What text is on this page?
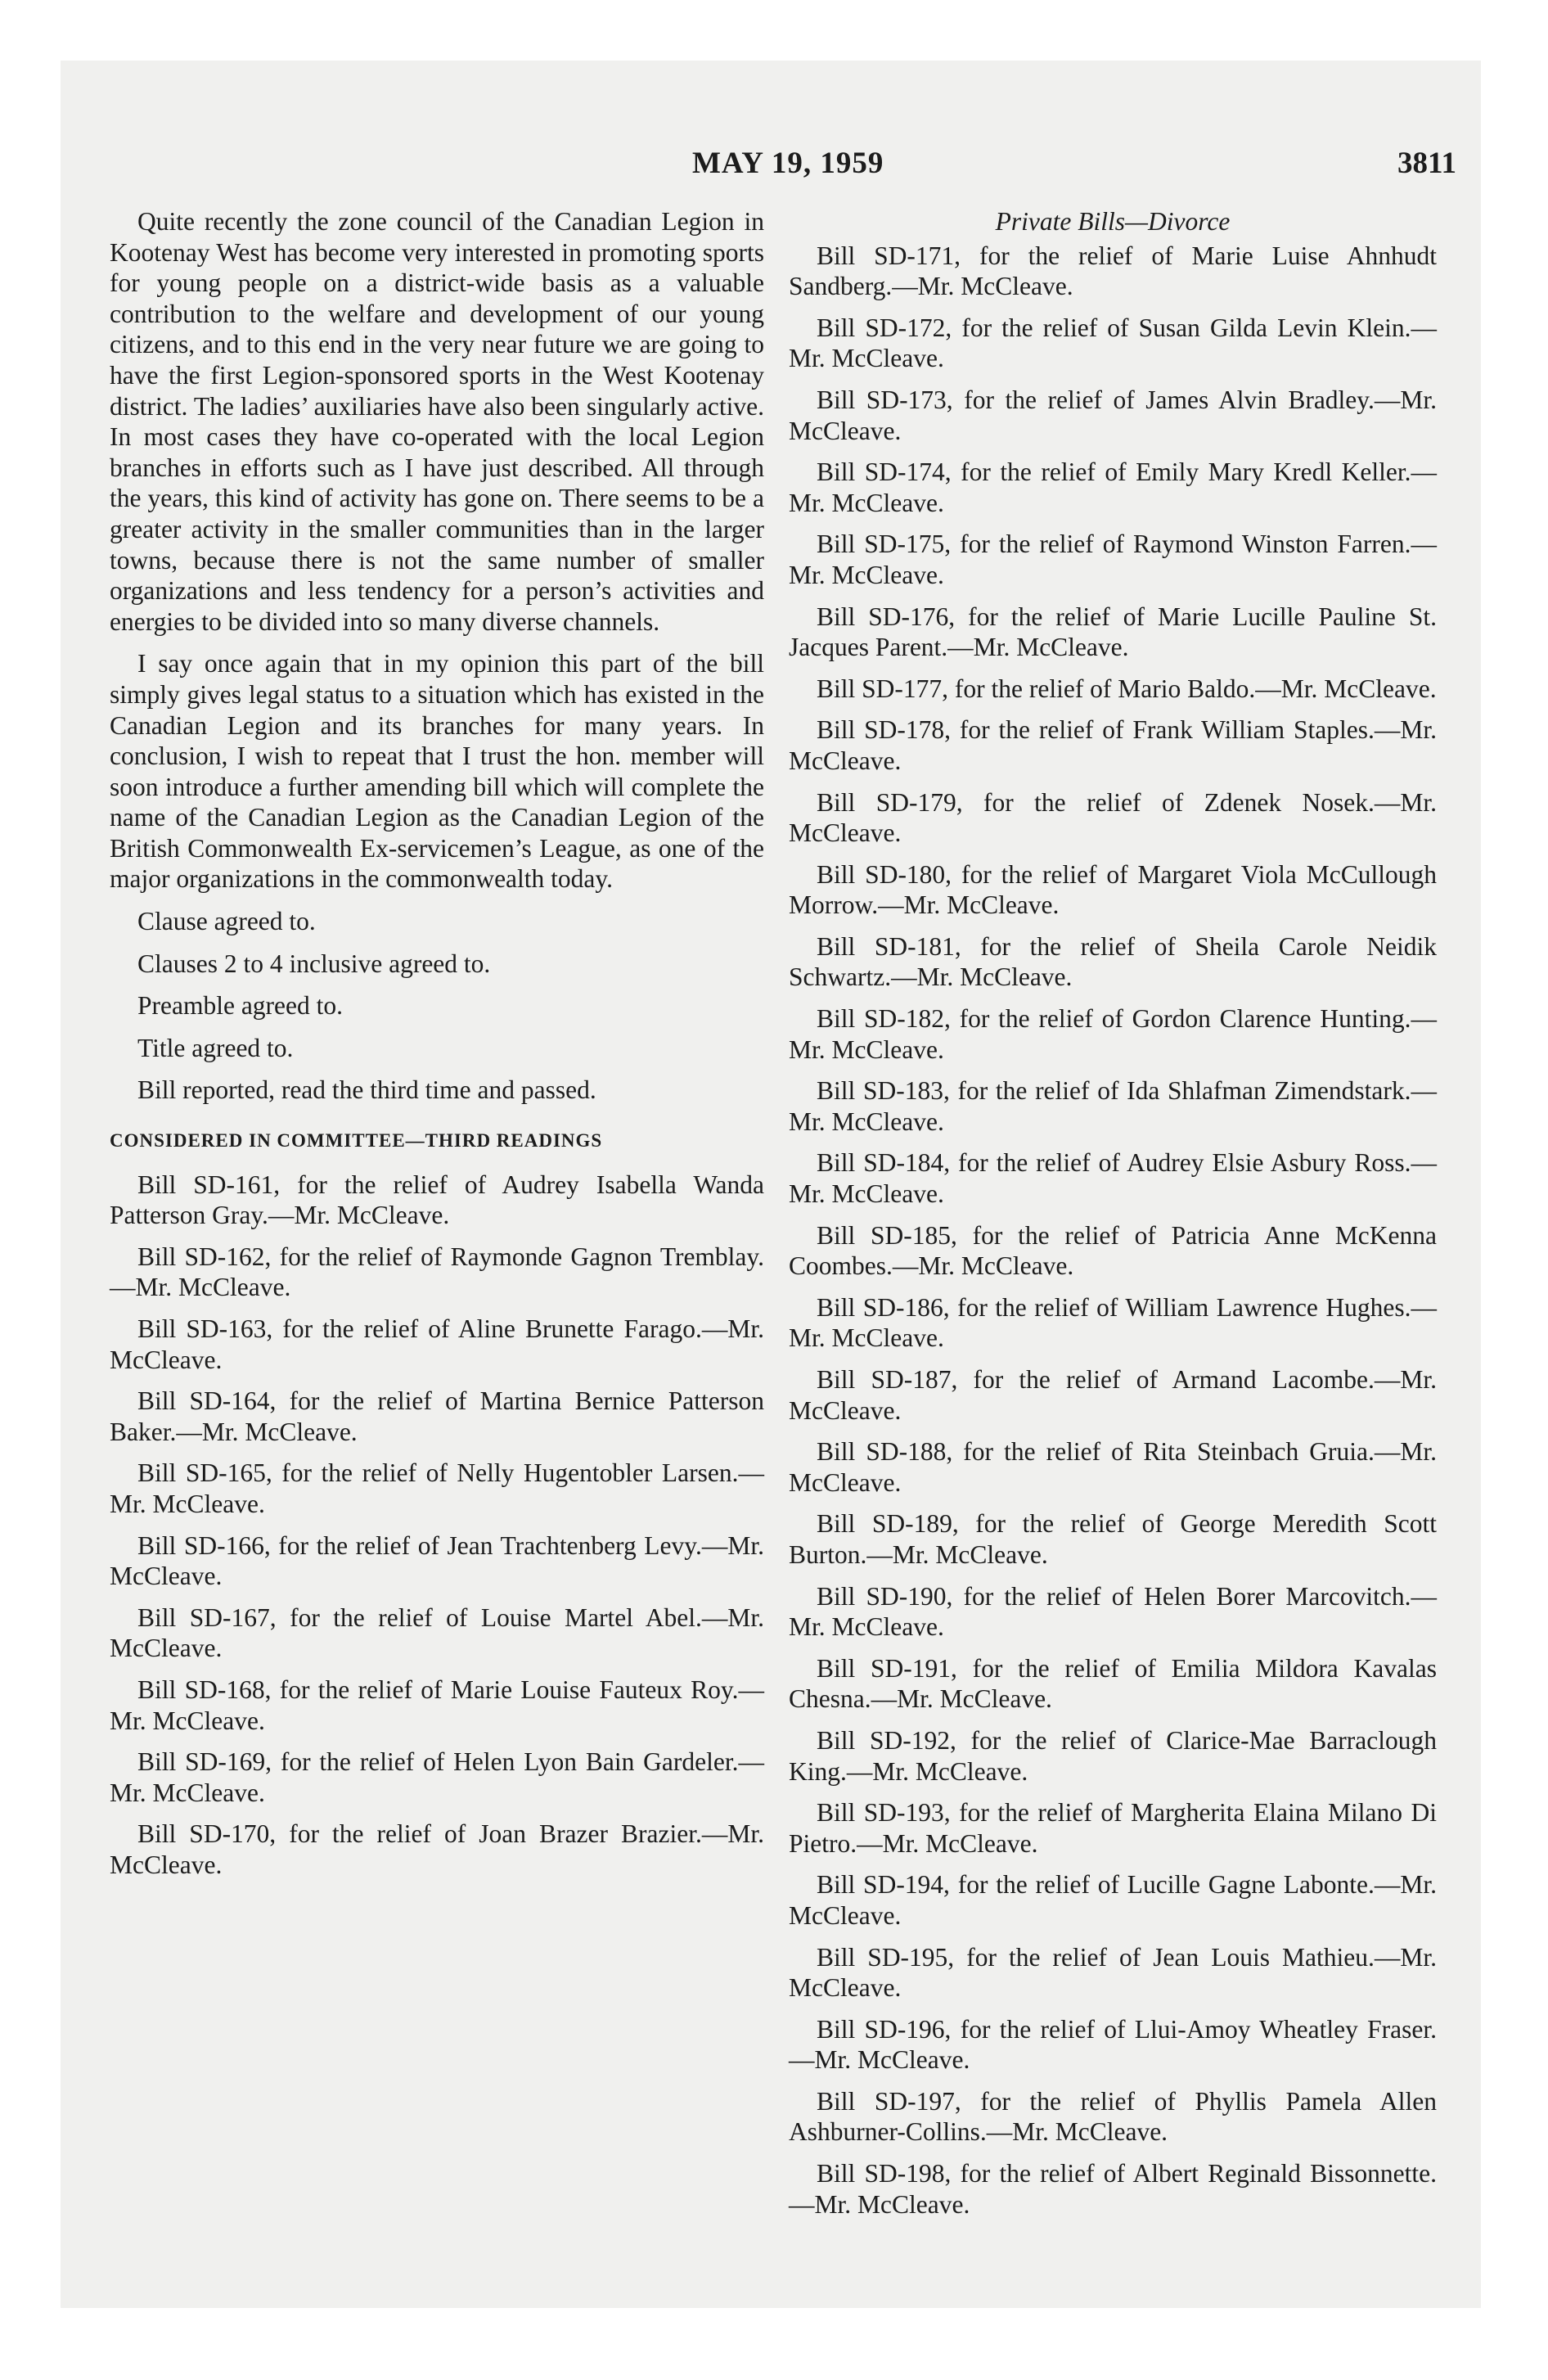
MAY 19, 1959	3811

Quite recently the zone council of the Canadian Legion in Kootenay West has become very interested in promoting sports for young people on a district-wide basis as a valuable contribution to the welfare and development of our young citizens, and to this end in the very near future we are going to have the first Legion-sponsored sports in the West Kootenay district. The ladies’ auxiliaries have also been singularly active. In most cases they have co-operated with the local Legion branches in efforts such as I have just described. All through the years, this kind of activity has gone on. There seems to be a greater activity in the smaller communities than in the larger towns, because there is not the same number of smaller organizations and less tendency for a person’s activities and energies to be divided into so many diverse channels.

I say once again that in my opinion this part of the bill simply gives legal status to a situation which has existed in the Canadian Legion and its branches for many years. In conclusion, I wish to repeat that I trust the hon. member will soon introduce a further amending bill which will complete the name of the Canadian Legion as the Canadian Legion of the British Commonwealth Ex-servicemen’s League, as one of the major organizations in the commonwealth today.

Clause agreed to.

Clauses 2 to 4 inclusive agreed to.

Preamble agreed to.

Title agreed to.

Bill reported, read the third time and passed.

CONSIDERED IN COMMITTEE—THIRD READINGS

Bill SD-161, for the relief of Audrey Isabella Wanda Patterson Gray.—Mr. McCleave.

Bill SD-162, for the relief of Raymonde Gagnon Tremblay.—Mr. McCleave.

Bill SD-163, for the relief of Aline Brunette Farago.—Mr. McCleave.

Bill SD-164, for the relief of Martina Bernice Patterson Baker.—Mr. McCleave.

Bill SD-165, for the relief of Nelly Hugentobler Larsen.—Mr. McCleave.

Bill SD-166, for the relief of Jean Trachtenberg Levy.—Mr. McCleave.

Bill SD-167, for the relief of Louise Martel Abel.—Mr. McCleave.

Bill SD-168, for the relief of Marie Louise Fauteux Roy.—Mr. McCleave.

Bill SD-169, for the relief of Helen Lyon Bain Gardeler.—Mr. McCleave.

Bill SD-170, for the relief of Joan Brazer Brazier.—Mr. McCleave.

Private Bills—Divorce

Bill SD-171, for the relief of Marie Luise Ahnhudt Sandberg.—Mr. McCleave.

Bill SD-172, for the relief of Susan Gilda Levin Klein.—Mr. McCleave.

Bill SD-173, for the relief of James Alvin Bradley.—Mr. McCleave.

Bill SD-174, for the relief of Emily Mary Kredl Keller.—Mr. McCleave.

Bill SD-175, for the relief of Raymond Winston Farren.—Mr. McCleave.

Bill SD-176, for the relief of Marie Lucille Pauline St. Jacques Parent.—Mr. McCleave.

Bill SD-177, for the relief of Mario Baldo.—Mr. McCleave.

Bill SD-178, for the relief of Frank William Staples.—Mr. McCleave.

Bill SD-179, for the relief of Zdenek Nosek.—Mr. McCleave.

Bill SD-180, for the relief of Margaret Viola McCullough Morrow.—Mr. McCleave.

Bill SD-181, for the relief of Sheila Carole Neidik Schwartz.—Mr. McCleave.

Bill SD-182, for the relief of Gordon Clarence Hunting.—Mr. McCleave.

Bill SD-183, for the relief of Ida Shlafman Zimendstark.—Mr. McCleave.

Bill SD-184, for the relief of Audrey Elsie Asbury Ross.—Mr. McCleave.

Bill SD-185, for the relief of Patricia Anne McKenna Coombes.—Mr. McCleave.

Bill SD-186, for the relief of William Lawrence Hughes.—Mr. McCleave.

Bill SD-187, for the relief of Armand Lacombe.—Mr. McCleave.

Bill SD-188, for the relief of Rita Steinbach Gruia.—Mr. McCleave.

Bill SD-189, for the relief of George Meredith Scott Burton.—Mr. McCleave.

Bill SD-190, for the relief of Helen Borer Marcovitch.—Mr. McCleave.

Bill SD-191, for the relief of Emilia Mildora Kavalas Chesna.—Mr. McCleave.

Bill SD-192, for the relief of Clarice-Mae Barraclough King.—Mr. McCleave.

Bill SD-193, for the relief of Margherita Elaina Milano Di Pietro.—Mr. McCleave.

Bill SD-194, for the relief of Lucille Gagne Labonte.—Mr. McCleave.

Bill SD-195, for the relief of Jean Louis Mathieu.—Mr. McCleave.

Bill SD-196, for the relief of Llui-Amoy Wheatley Fraser.—Mr. McCleave.

Bill SD-197, for the relief of Phyllis Pamela Allen Ashburner-Collins.—Mr. McCleave.

Bill SD-198, for the relief of Albert Reginald Bissonnette.—Mr. McCleave.
